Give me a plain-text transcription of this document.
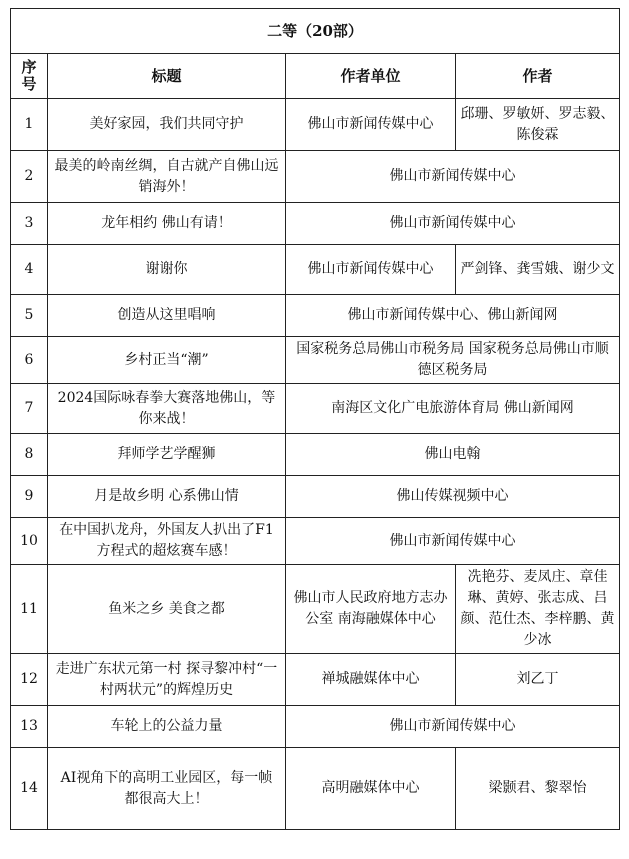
二等（20部）			
序号	标题	作者单位	作者
1	美好家园，我们共同守护	佛山市新闻传媒中心	邱珊、罗敏妍、罗志毅、陈俊霖
2	最美的岭南丝绸，自古就产自佛山远销海外！	佛山市新闻传媒中心	
3	龙年相约 佛山有请！	佛山市新闻传媒中心	
4	谢谢你	佛山市新闻传媒中心	严剑锋、龚雪娥、谢少文
5	创造从这里唱响	佛山市新闻传媒中心、佛山新闻网	
6	乡村正当“潮”	国家税务总局佛山市税务局 国家税务总局佛山市顺德区税务局	
7	2024国际咏春拳大赛落地佛山，等你来战！	南海区文化广电旅游体育局 佛山新闻网	
8	拜师学艺学醒狮	佛山电翰	
9	月是故乡明 心系佛山情	佛山传媒视频中心	
10	在中国扒龙舟，外国友人扒出了F1方程式的超炫赛车感！	佛山市新闻传媒中心	
11	鱼米之乡 美食之都	佛山市人民政府地方志办公室 南海融媒体中心	冼艳芬、麦凤庄、章佳琳、黄婷、张志成、吕颜、范仕杰、李梓鹏、黄少冰
12	走进广东状元第一村 探寻黎冲村“一村两状元”的辉煌历史	禅城融媒体中心	刘乙丁
13	车轮上的公益力量	佛山市新闻传媒中心	
14	AI视角下的高明工业园区，每一帧都很高大上！	高明融媒体中心	梁颢君、黎翠怡
